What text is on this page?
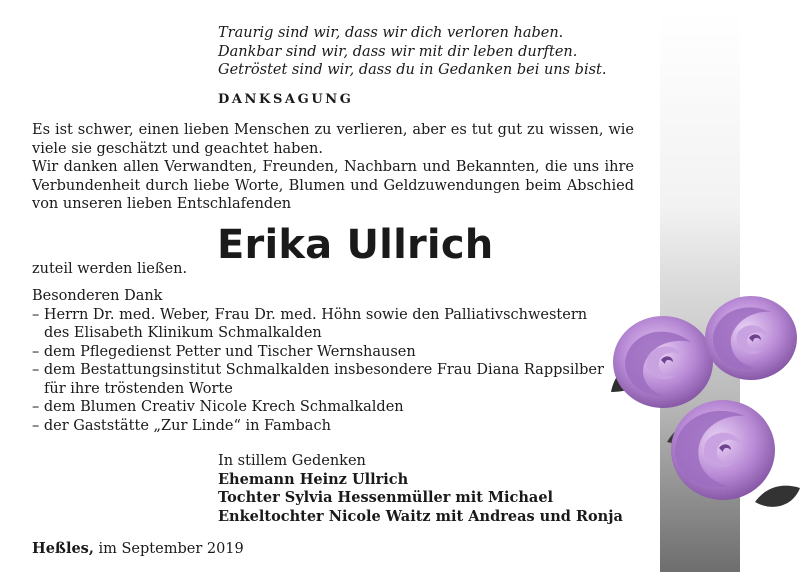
Traurig sind wir, dass wir dich verloren haben.
Dankbar sind wir, dass wir mit dir leben durften.
Getröstet sind wir, dass du in Gedanken bei uns bist.
DANKSAGUNG

Es ist schwer, einen lieben Menschen zu verlieren, aber es tut gut zu wissen, wie viele sie geschätzt und geachtet haben.

Wir danken allen Verwandten, Freunden, Nachbarn und Bekannten, die uns ihre Verbundenheit durch liebe Worte, Blumen und Geldzuwendungen beim Abschied von unseren lieben Entschlafenden

Erika Ullrich
zuteil werden ließen.
Besonderen Dank
– Herrn Dr. med. Weber, Frau Dr. med. Höhn sowie den Palliativschwestern
des Elisabeth Klinikum Schmalkalden
– dem Pflegedienst Petter und Tischer Wernshausen
– dem Bestattungsinstitut Schmalkalden insbesondere Frau Diana Rappsilber
für ihre tröstenden Worte
– dem Blumen Creativ Nicole Krech Schmalkalden
– der Gaststätte „Zur Linde“ in Fambach
In stillem Gedenken
Ehemann Heinz Ullrich
Tochter Sylvia Hessenmüller mit Michael
Enkeltochter Nicole Waitz mit Andreas und Ronja
Heßles, im September 2019
